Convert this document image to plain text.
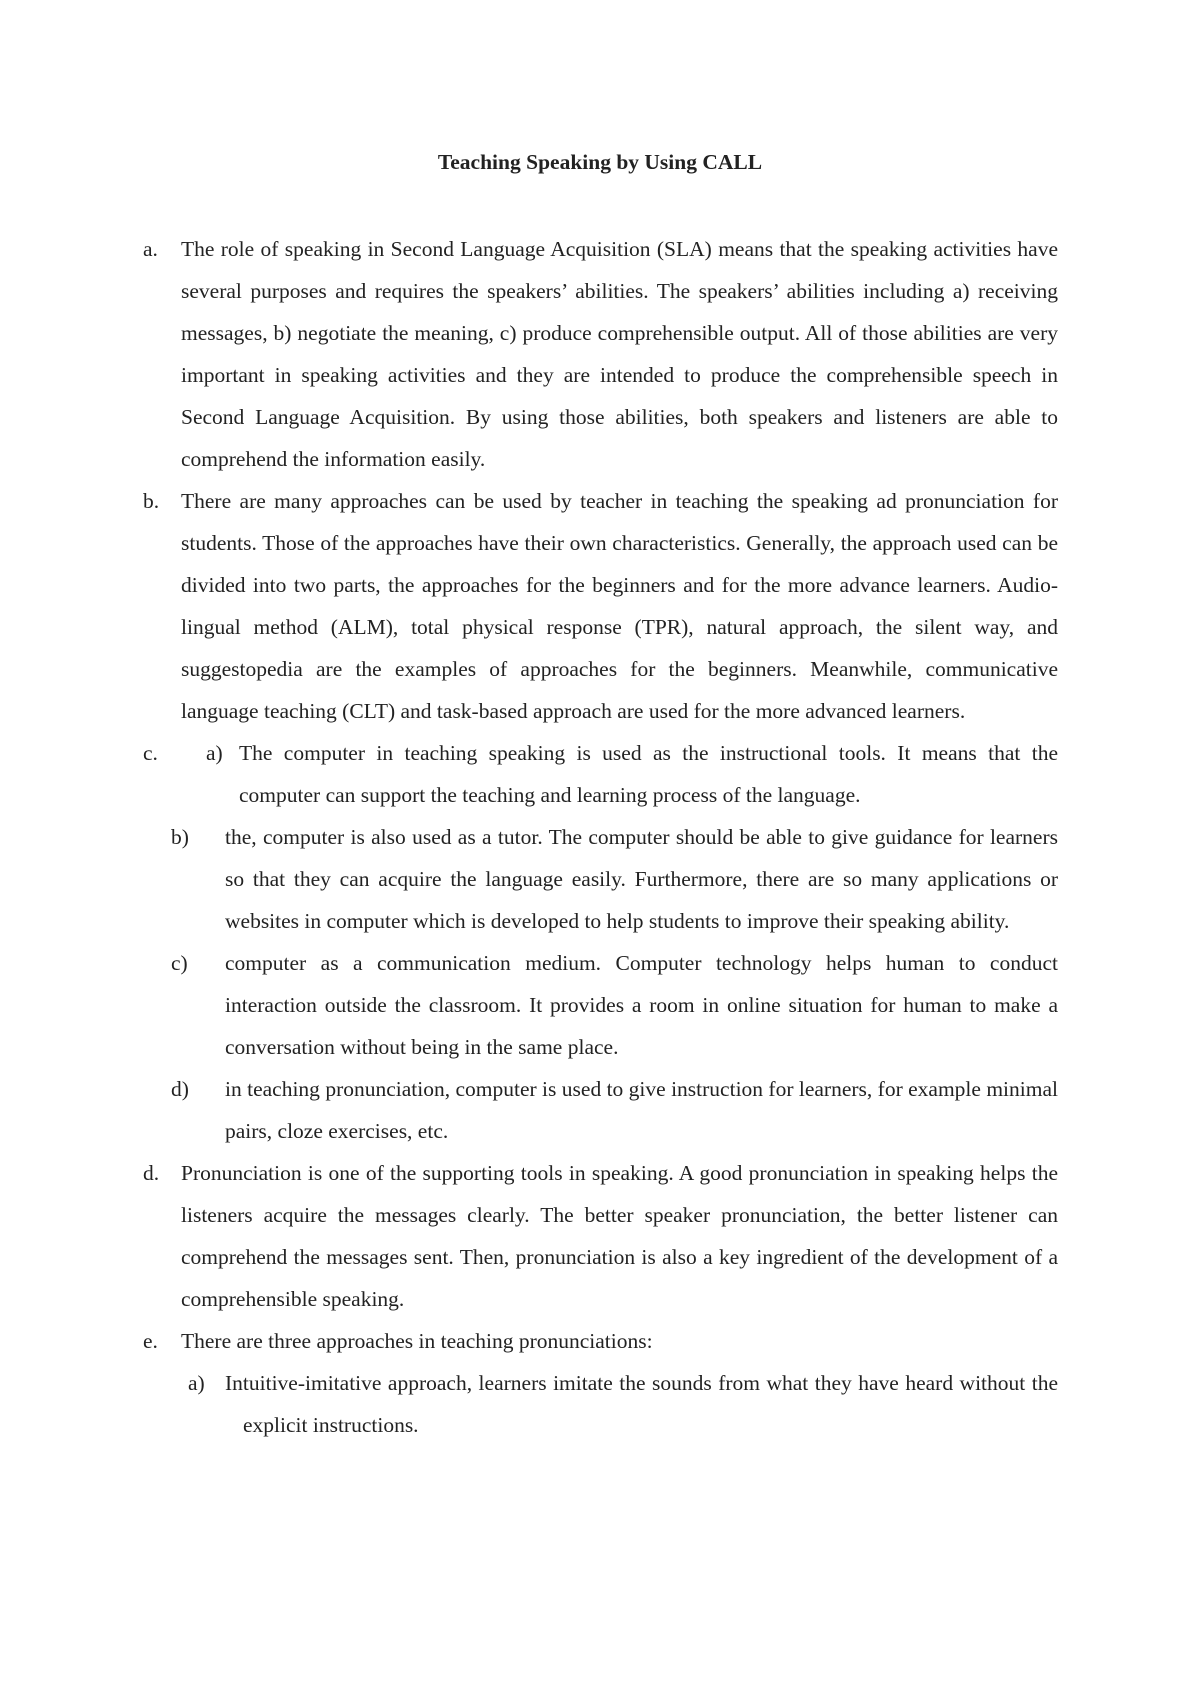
Teaching Speaking by Using CALL
a. The role of speaking in Second Language Acquisition (SLA) means that the speaking activities have several purposes and requires the speakers’ abilities. The speakers’ abilities including a) receiving messages, b) negotiate the meaning, c) produce comprehensible output. All of those abilities are very important in speaking activities and they are intended to produce the comprehensible speech in Second Language Acquisition. By using those abilities, both speakers and listeners are able to comprehend the information easily.
b. There are many approaches can be used by teacher in teaching the speaking ad pronunciation for students. Those of the approaches have their own characteristics. Generally, the approach used can be divided into two parts, the approaches for the beginners and for the more advance learners. Audio-lingual method (ALM), total physical response (TPR), natural approach, the silent way, and suggestopedia are the examples of approaches for the beginners. Meanwhile, communicative language teaching (CLT) and task-based approach are used for the more advanced learners.
c. a) The computer in teaching speaking is used as the instructional tools. It means that the computer can support the teaching and learning process of the language.
b) the, computer is also used as a tutor. The computer should be able to give guidance for learners so that they can acquire the language easily. Furthermore, there are so many applications or websites in computer which is developed to help students to improve their speaking ability.
c) computer as a communication medium. Computer technology helps human to conduct interaction outside the classroom. It provides a room in online situation for human to make a conversation without being in the same place.
d) in teaching pronunciation, computer is used to give instruction for learners, for example minimal pairs, cloze exercises, etc.
d. Pronunciation is one of the supporting tools in speaking. A good pronunciation in speaking helps the listeners acquire the messages clearly. The better speaker pronunciation, the better listener can comprehend the messages sent. Then, pronunciation is also a key ingredient of the development of a comprehensible speaking.
e. There are three approaches in teaching pronunciations:
a) Intuitive-imitative approach, learners imitate the sounds from what they have heard without the explicit instructions.
